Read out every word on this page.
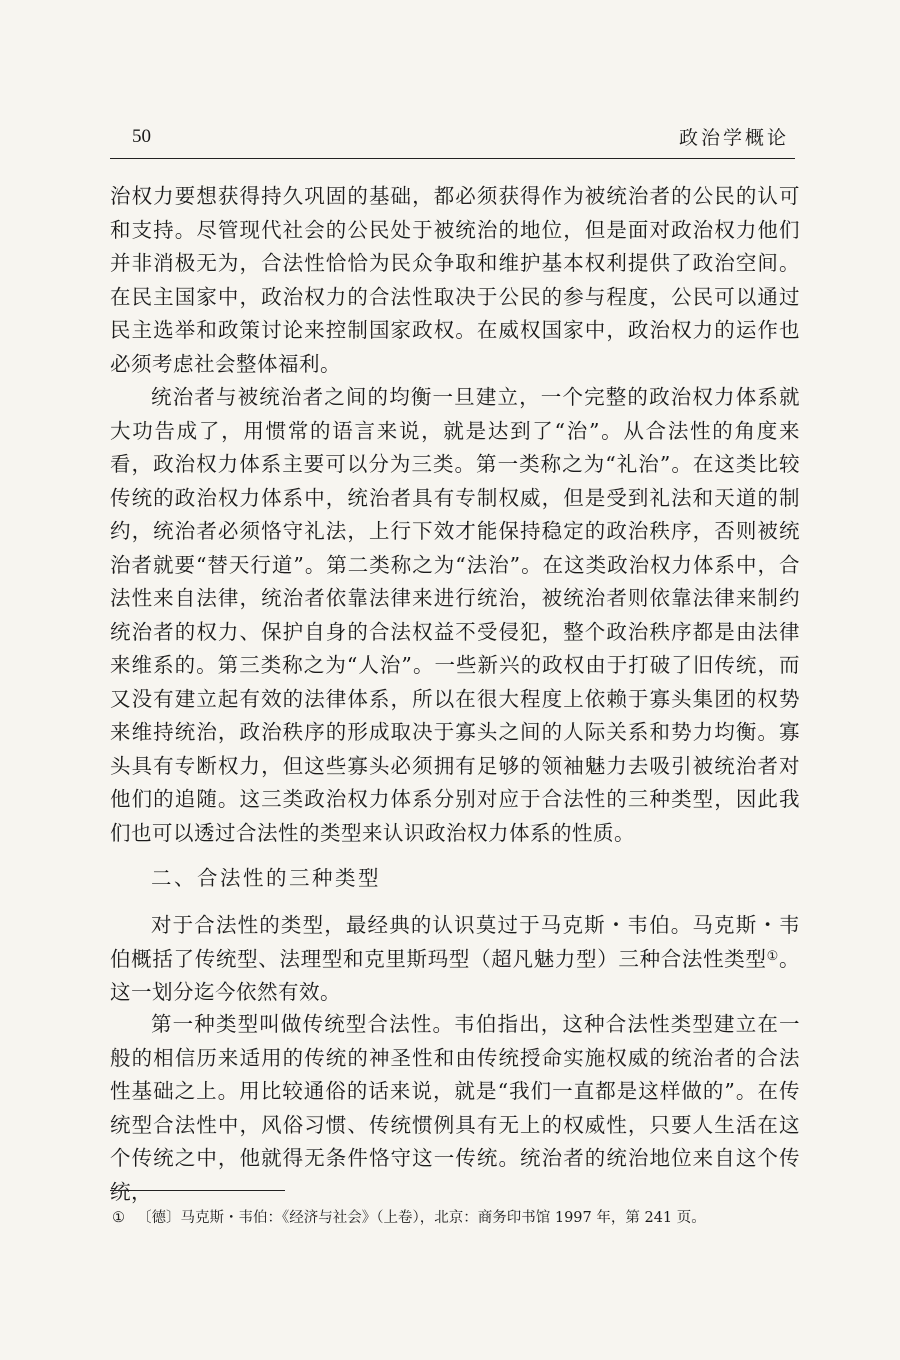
50	政治学概论

治权力要想获得持久巩固的基础，都必须获得作为被统治者的公民的认可和支持。尽管现代社会的公民处于被统治的地位，但是面对政治权力他们并非消极无为，合法性恰恰为民众争取和维护基本权利提供了政治空间。在民主国家中，政治权力的合法性取决于公民的参与程度，公民可以通过民主选举和政策讨论来控制国家政权。在威权国家中，政治权力的运作也必须考虑社会整体福利。

统治者与被统治者之间的均衡一旦建立，一个完整的政治权力体系就大功告成了，用惯常的语言来说，就是达到了“治”。从合法性的角度来看，政治权力体系主要可以分为三类。第一类称之为“礼治”。在这类比较传统的政治权力体系中，统治者具有专制权威，但是受到礼法和天道的制约，统治者必须恪守礼法，上行下效才能保持稳定的政治秩序，否则被统治者就要“替天行道”。第二类称之为“法治”。在这类政治权力体系中，合法性来自法律，统治者依靠法律来进行统治，被统治者则依靠法律来制约统治者的权力、保护自身的合法权益不受侵犯，整个政治秩序都是由法律来维系的。第三类称之为“人治”。一些新兴的政权由于打破了旧传统，而又没有建立起有效的法律体系，所以在很大程度上依赖于寡头集团的权势来维持统治，政治秩序的形成取决于寡头之间的人际关系和势力均衡。寡头具有专断权力，但这些寡头必须拥有足够的领袖魅力去吸引被统治者对他们的追随。这三类政治权力体系分别对应于合法性的三种类型，因此我们也可以透过合法性的类型来认识政治权力体系的性质。

二、合法性的三种类型

对于合法性的类型，最经典的认识莫过于马克斯・韦伯。马克斯・韦伯概括了传统型、法理型和克里斯玛型（超凡魅力型）三种合法性类型①。这一划分迄今依然有效。

第一种类型叫做传统型合法性。韦伯指出，这种合法性类型建立在一般的相信历来适用的传统的神圣性和由传统授命实施权威的统治者的合法性基础之上。用比较通俗的话来说，就是“我们一直都是这样做的”。在传统型合法性中，风俗习惯、传统惯例具有无上的权威性，只要人生活在这个传统之中，他就得无条件恪守这一传统。统治者的统治地位来自这个传统，

① 〔德〕马克斯・韦伯：《经济与社会》（上卷），北京：商务印书馆 1997 年，第 241 页。
